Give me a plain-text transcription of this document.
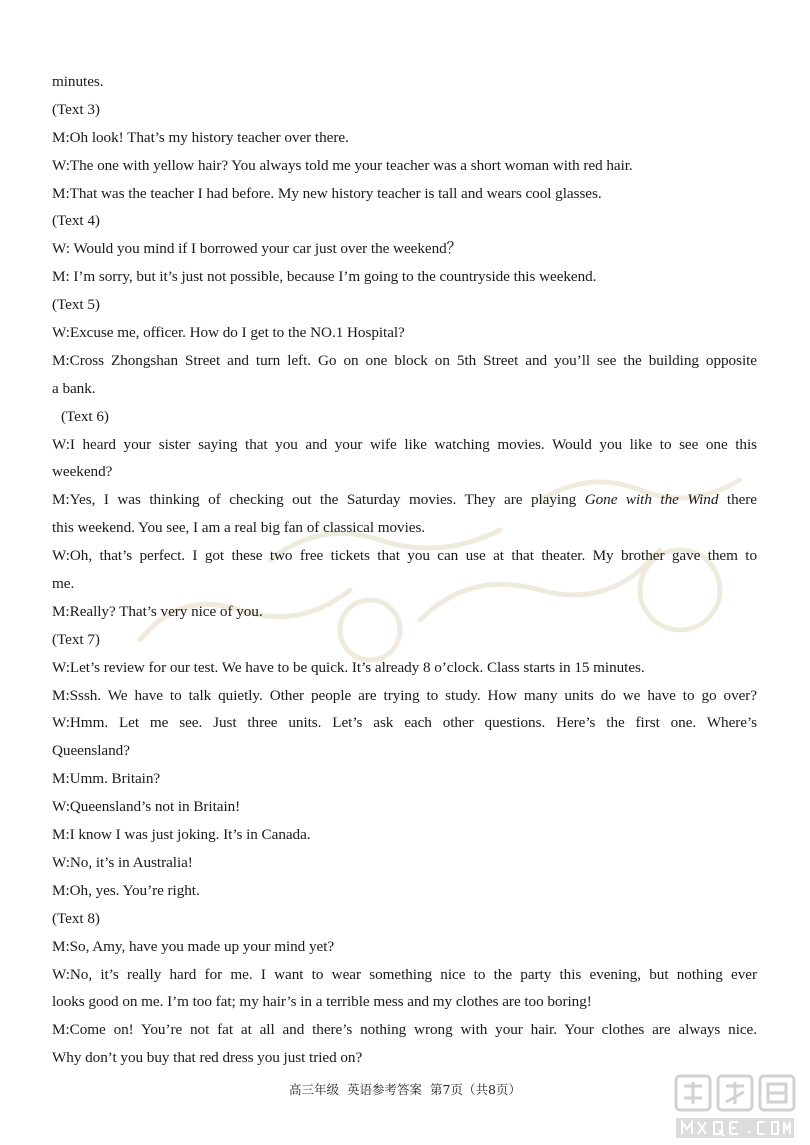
minutes.
(Text 3)
M:Oh look! That’s my history teacher over there.
W:The one with yellow hair? You always told me your teacher was a short woman with red hair.
M:That was the teacher I had before. My new history teacher is tall and wears cool glasses.
(Text 4)
W: Would you mind if I borrowed your car just over the weekend？
M: I’m sorry, but it’s just not possible, because I’m going to the countryside this weekend.
(Text 5)
W:Excuse me, officer. How do I get to the NO.1 Hospital?
M:Cross Zhongshan Street and turn left. Go on one block on 5th Street and you’ll see the building opposite
a bank.
(Text 6)
W:I heard your sister saying that you and your wife like watching movies. Would you like to see one this
weekend?
M:Yes, I was thinking of checking out the Saturday movies. They are playing Gone with the Wind there
this weekend. You see, I am a real big fan of classical movies.
W:Oh, that’s perfect. I got these two free tickets that you can use at that theater. My brother gave them to
me.
M:Really? That’s very nice of you.
(Text 7)
W:Let’s review for our test. We have to be quick. It’s already 8 o’clock. Class starts in 15 minutes.
M:Sssh. We have to talk quietly. Other people are trying to study. How many units do we have to go over?
W:Hmm. Let me see. Just three units. Let’s ask each other questions. Here’s the first one. Where’s
Queensland?
M:Umm. Britain?
W:Queensland’s not in Britain!
M:I know I was just joking. It’s in Canada.
W:No, it’s in Australia!
M:Oh, yes. You’re right.
(Text 8)
M:So, Amy, have you made up your mind yet?
W:No, it’s really hard for me. I want to wear something nice to the party this evening, but nothing ever
looks good on me. I’m too fat; my hair’s in a terrible mess and my clothes are too boring!
M:Come on! You’re not fat at all and there’s nothing wrong with your hair. Your clothes are always nice.
Why don’t you buy that red dress you just tried on?
高三年级 英语参考答案 第7页（共8页）
